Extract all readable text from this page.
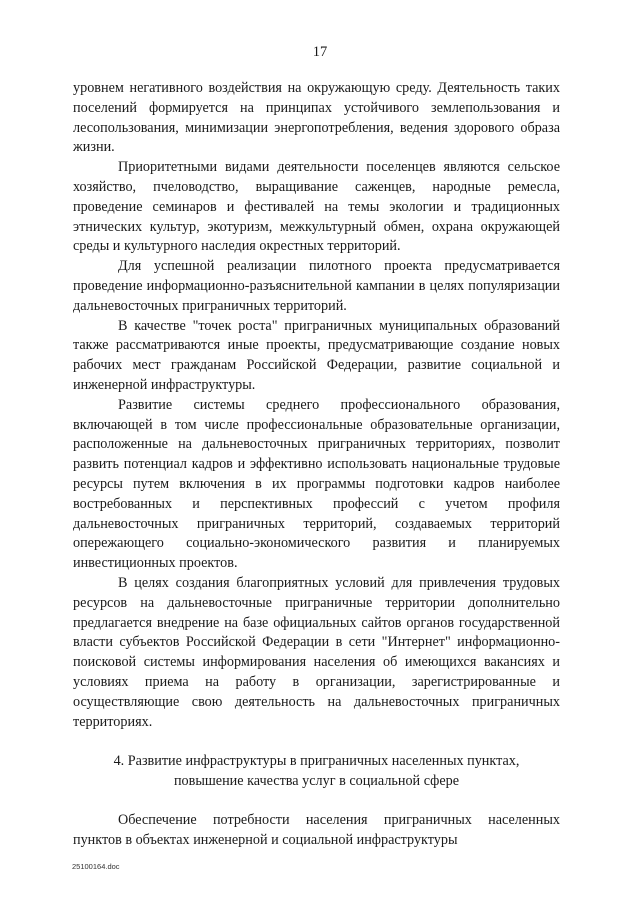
17

уровнем негативного воздействия на окружающую среду. Деятельность таких поселений формируется на принципах устойчивого землепользования и лесопользования, минимизации энергопотребления, ведения здорового образа жизни.

Приоритетными видами деятельности поселенцев являются сельское хозяйство, пчеловодство, выращивание саженцев, народные ремесла, проведение семинаров и фестивалей на темы экологии и традиционных этнических культур, экотуризм, межкультурный обмен, охрана окружающей среды и культурного наследия окрестных территорий.

Для успешной реализации пилотного проекта предусматривается проведение информационно-разъяснительной кампании в целях популяризации дальневосточных приграничных территорий.

В качестве "точек роста" приграничных муниципальных образований также рассматриваются иные проекты, предусматривающие создание новых рабочих мест гражданам Российской Федерации, развитие социальной и инженерной инфраструктуры.

Развитие системы среднего профессионального образования, включающей в том числе профессиональные образовательные организации, расположенные на дальневосточных приграничных территориях, позволит развить потенциал кадров и эффективно использовать национальные трудовые ресурсы путем включения в их программы подготовки кадров наиболее востребованных и перспективных профессий с учетом профиля дальневосточных приграничных территорий, создаваемых территорий опережающего социально-экономического развития и планируемых инвестиционных проектов.

В целях создания благоприятных условий для привлечения трудовых ресурсов на дальневосточные приграничные территории дополнительно предлагается внедрение на базе официальных сайтов органов государственной власти субъектов Российской Федерации в сети "Интернет" информационно-поисковой системы информирования населения об имеющихся вакансиях и условиях приема на работу в организации, зарегистрированные и осуществляющие свою деятельность на дальневосточных приграничных территориях.

4. Развитие инфраструктуры в приграничных населенных пунктах,
повышение качества услуг в социальной сфере

Обеспечение потребности населения приграничных населенных пунктов в объектах инженерной и социальной инфраструктуры

25100164.doc
